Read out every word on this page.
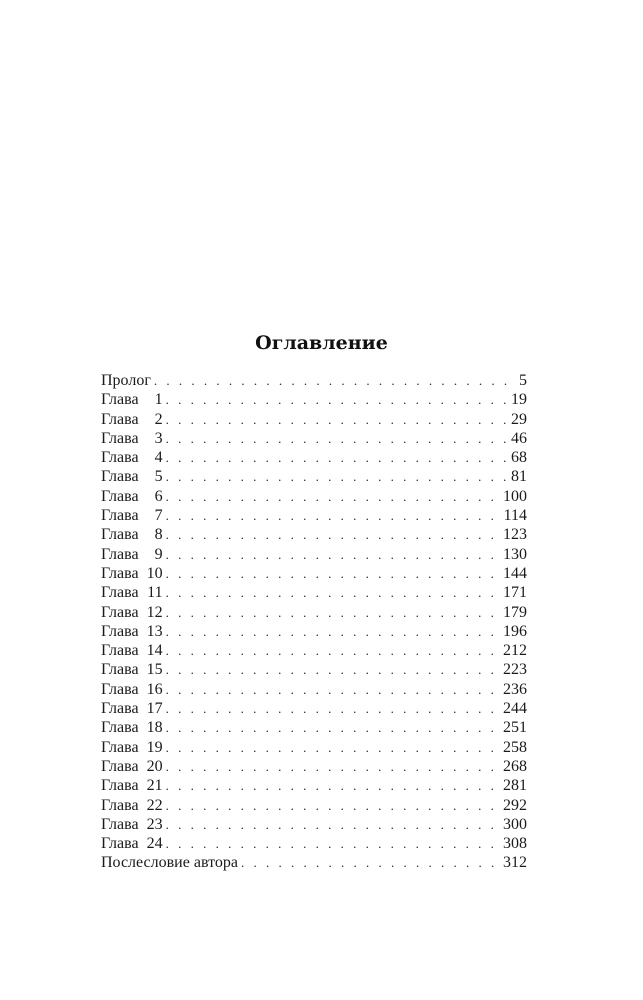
Оглавление
Пролог . . .	5
Глава 1 . . .	19
Глава 2 . . .	29
Глава 3 . . .	46
Глава 4 . . .	68
Глава 5 . . .	81
Глава 6 . . .	100
Глава 7 . . .	114
Глава 8 . . .	123
Глава 9 . . .	130
Глава 10 . . .	144
Глава 11 . . .	171
Глава 12 . . .	179
Глава 13 . . .	196
Глава 14 . . .	212
Глава 15 . . .	223
Глава 16 . . .	236
Глава 17 . . .	244
Глава 18 . . .	251
Глава 19 . . .	258
Глава 20 . . .	268
Глава 21 . . .	281
Глава 22 . . .	292
Глава 23 . . .	300
Глава 24 . . .	308
Послесловие автора . . .	312
